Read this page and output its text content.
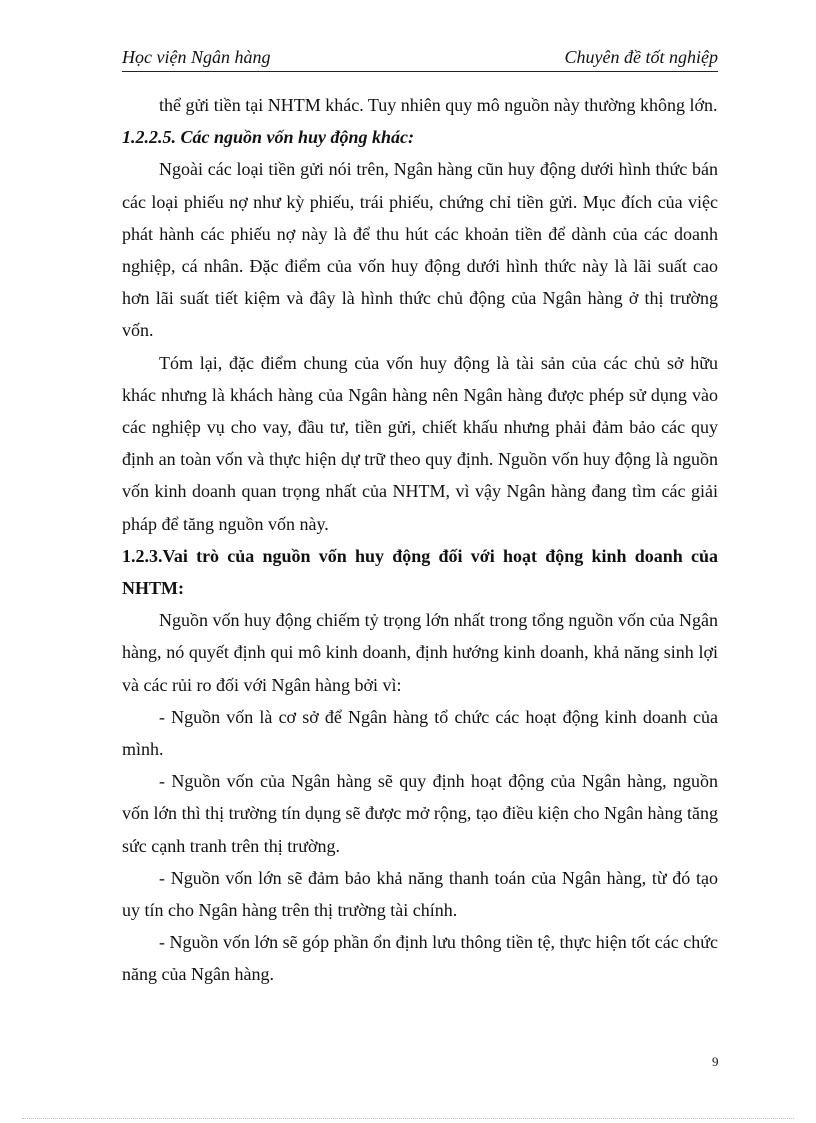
Học viện Ngân hàng	Chuyên đề tốt nghiệp

thể gửi tiền tại NHTM khác. Tuy nhiên quy mô nguồn này thường không lớn.

1.2.2.5. Các nguồn vốn huy động khác:

Ngoài các loại tiền gửi nói trên, Ngân hàng cũn huy động dưới hình thức bán các loại phiếu nợ như kỳ phiếu, trái phiếu, chứng chỉ tiền gửi. Mục đích của việc phát hành các phiếu nợ này là để thu hút các khoản tiền để dành của các doanh nghiệp, cá nhân. Đặc điểm của vốn huy động dưới hình thức này là lãi suất cao hơn lãi suất tiết kiệm và đây là hình thức chủ động của Ngân hàng ở thị trường vốn.

Tóm lại, đặc điểm chung của vốn huy động là tài sản của các chủ sở hữu khác nhưng là khách hàng của Ngân hàng nên Ngân hàng được phép sử dụng vào các nghiệp vụ cho vay, đầu tư, tiền gửi, chiết khấu nhưng phải đảm bảo các quy định an toàn vốn và thực hiện dự trữ theo quy định. Nguồn vốn huy động là nguồn vốn kinh doanh quan trọng nhất của NHTM, vì vậy Ngân hàng đang tìm các giải pháp để tăng nguồn vốn này.

1.2.3.Vai trò của nguồn vốn huy động đối với hoạt động kinh doanh của NHTM:

Nguồn vốn huy động chiếm tỷ trọng lớn nhất trong tổng nguồn vốn của Ngân hàng, nó quyết định qui mô kinh doanh, định hướng kinh doanh, khả năng sinh lợi và các rủi ro đối với Ngân hàng bởi vì:

- Nguồn vốn là cơ sở để Ngân hàng tổ chức các hoạt động kinh doanh của mình.

- Nguồn vốn của Ngân hàng sẽ quy định hoạt động của Ngân hàng, nguồn vốn lớn thì thị trường tín dụng sẽ được mở rộng, tạo điều kiện cho Ngân hàng tăng sức cạnh tranh trên thị trường.

- Nguồn vốn lớn sẽ đảm bảo khả năng thanh toán của Ngân hàng, từ đó tạo uy tín cho Ngân hàng trên thị trường tài chính.

- Nguồn vốn lớn sẽ góp phần ổn định lưu thông tiền tệ, thực hiện tốt các chức năng của Ngân hàng.

9
